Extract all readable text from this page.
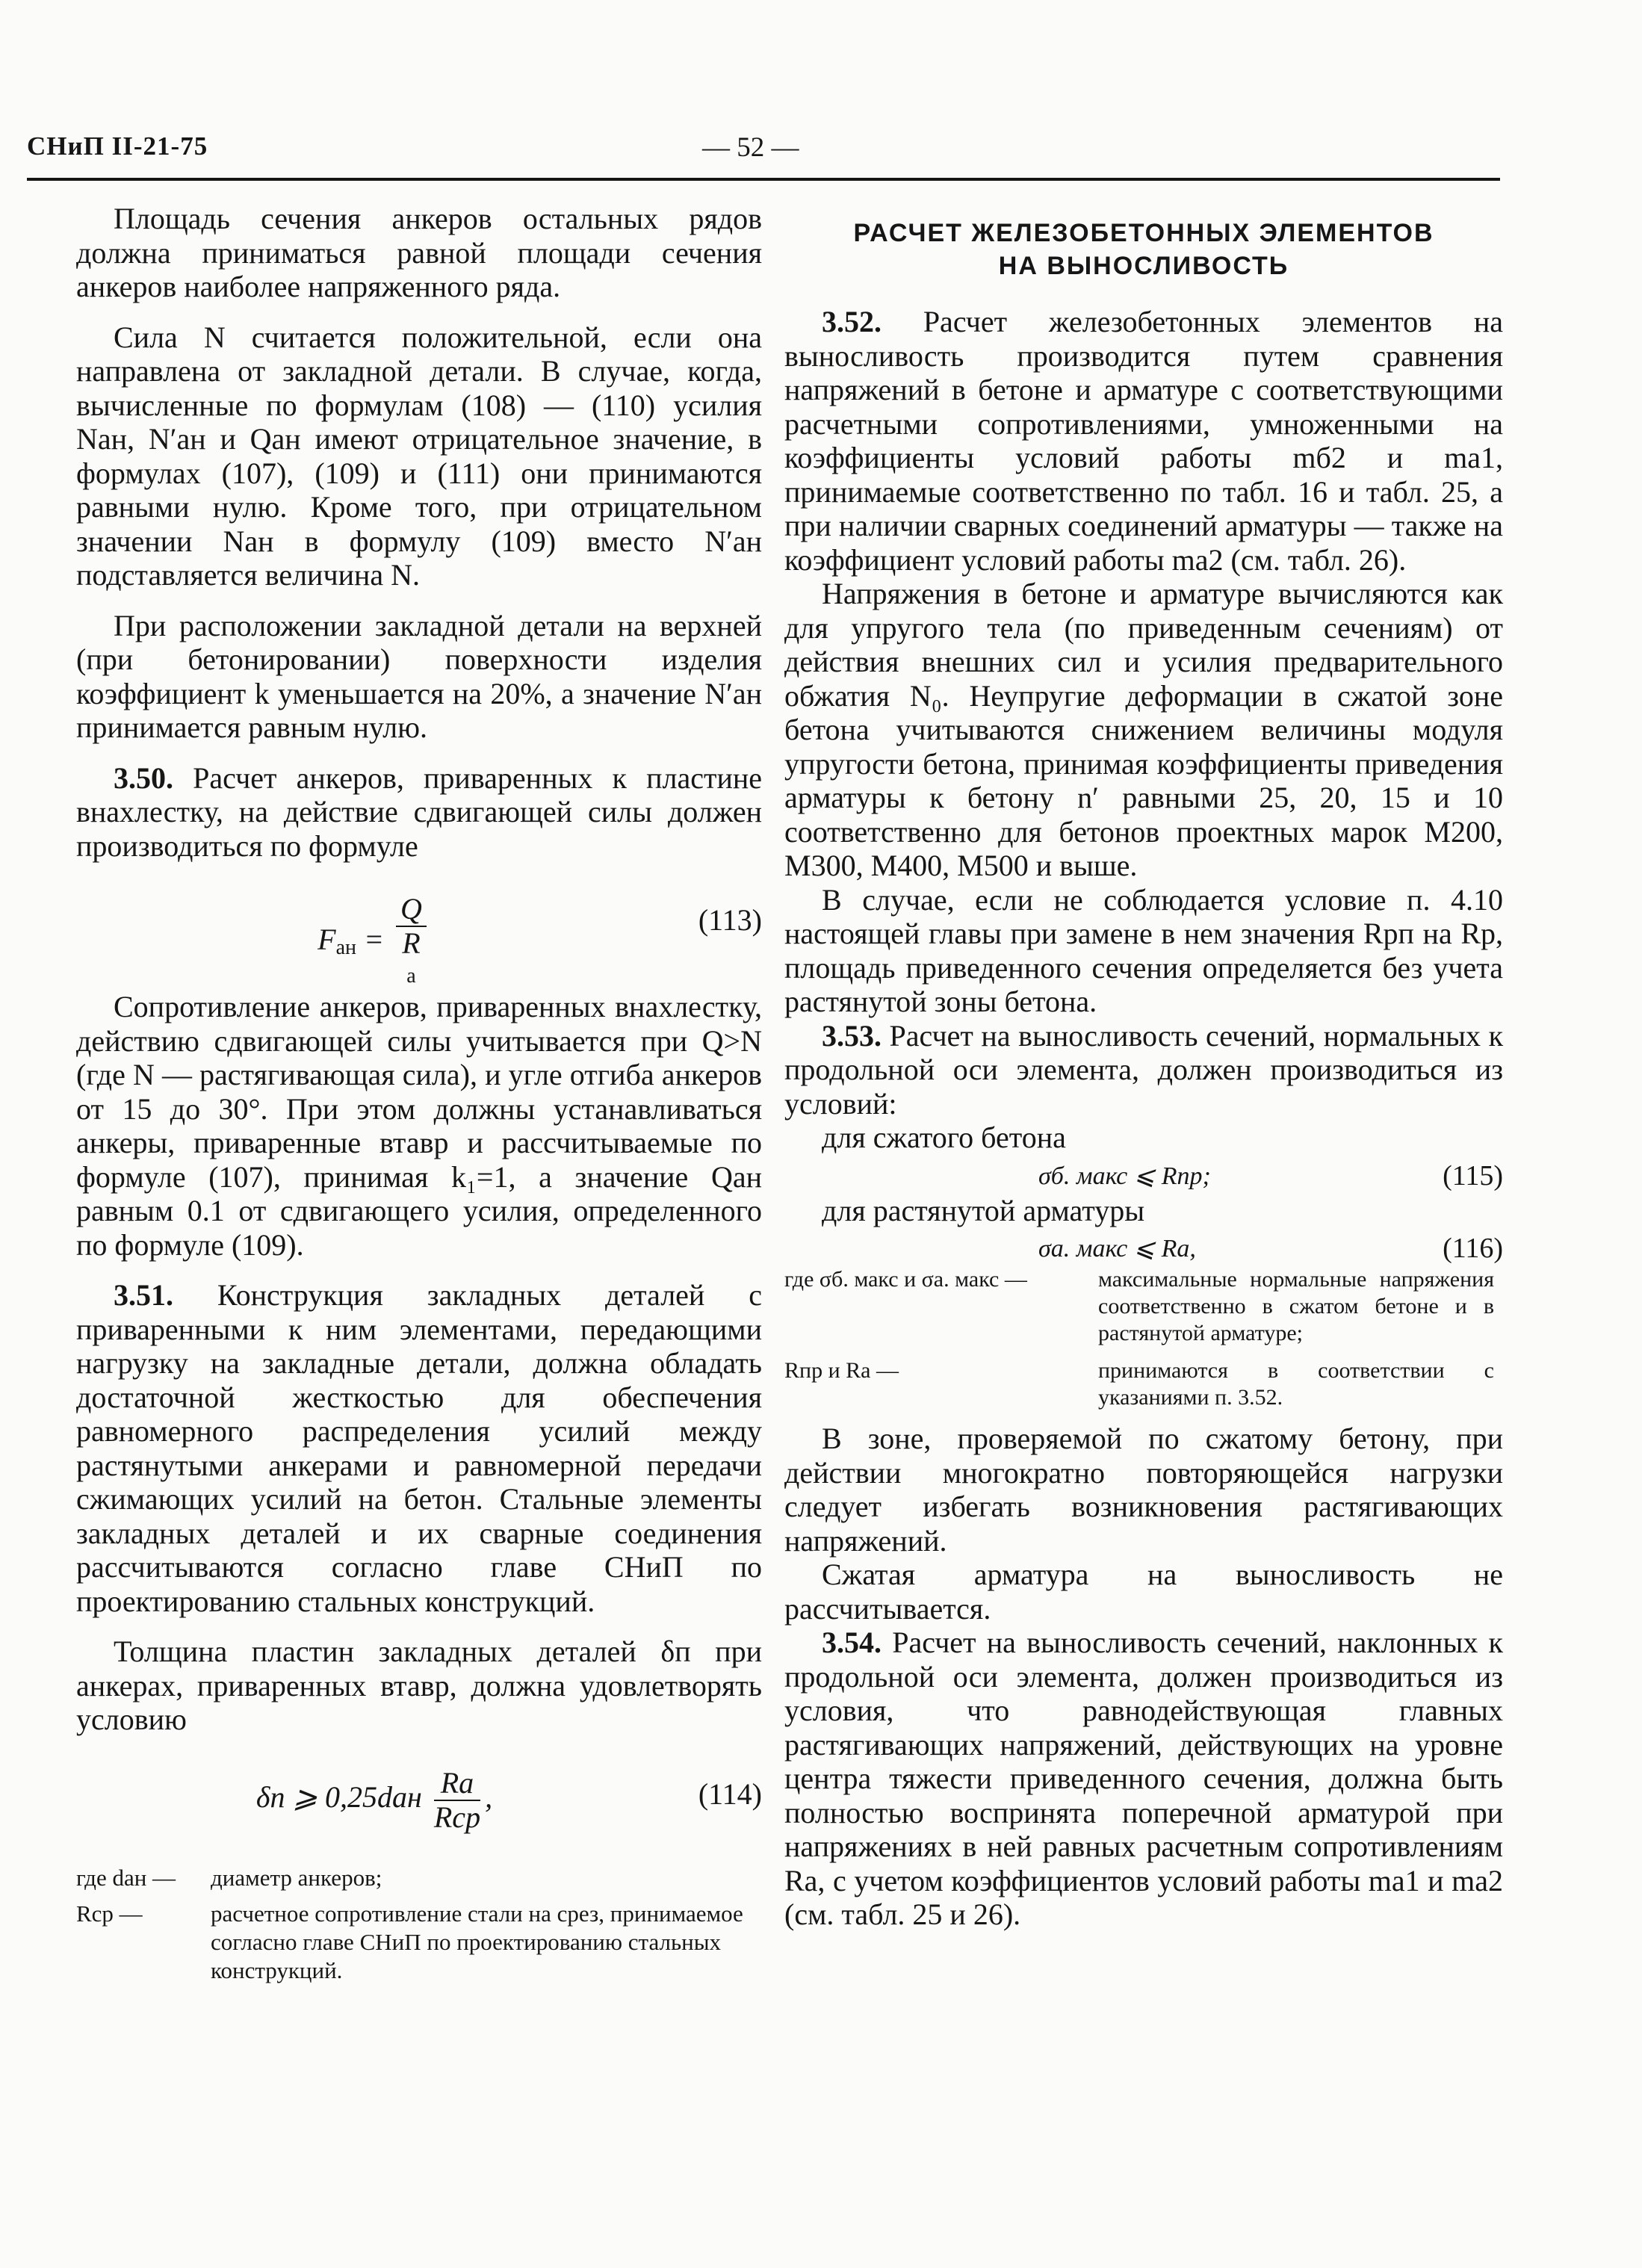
СНиП II-21-75	— 52 —

Площадь сечения анкеров остальных рядов должна приниматься равной площади сечения анкеров наиболее напряженного ряда.

Сила N считается положительной, если она направлена от закладной детали. В случае, когда, вычисленные по формулам (108) — (110) усилия Nан, N′ан и Qан имеют отрицательное значение, в формулах (107), (109) и (111) они принимаются равными нулю. Кроме того, при отрицательном значении Nан в формулу (109) вместо N′ан подставляется величина N.

При расположении закладной детали на верхней (при бетонировании) поверхности изделия коэффициент k уменьшается на 20%, а значение N′ан принимается равным нулю.

3.50. Расчет анкеров, приваренных к пластине внахлестку, на действие сдвигающей силы должен производиться по формуле

Fан = Q
R
а	(113)

Сопротивление анкеров, приваренных внахлестку, действию сдвигающей силы учитывается при Q>N (где N — растягивающая сила), и угле отгиба анкеров от 15 до 30°. При этом должны устанавливаться анкеры, приваренные втавр и рассчитываемые по формуле (107), принимая k₁=1, а значение Qан равным 0.1 от сдвигающего усилия, определенного по формуле (109).

3.51. Конструкция закладных деталей с приваренными к ним элементами, передающими нагрузку на закладные детали, должна обладать достаточной жесткостью для обеспечения равномерного распределения усилий между растянутыми анкерами и равномерной передачи сжимающих усилий на бетон. Стальные элементы закладных деталей и их сварные соединения рассчитываются согласно главе СНиП по проектированию стальных конструкций.

Толщина пластин закладных деталей δп при анкерах, приваренных втавр, должна удовлетворять условию

δп ⩾ $0,25dан \frac{Rа}{\text{Rср}}$ ,	(114)
где dан — диаметр анкеров;
Rср —	расчетное сопротивление стали на срез, принимаемое согласно главе СНиП по проектированию стальных конструкций.
РАСЧЕТ ЖЕЛЕЗОБЕТОННЫХ ЭЛЕМЕНТОВ
НА ВЫНОСЛИВОСТЬ

3.52. Расчет железобетонных элементов на выносливость производится путем сравнения напряжений в бетоне и арматуре с соответствующими расчетными сопротивлениями, умноженными на коэффициенты условий работы mб2 и mа1, принимаемые соответственно по табл. 16 и табл. 25, а при наличии сварных соединений арматуры — также на коэффициент условий работы mа2 (см. табл. 26).

Напряжения в бетоне и арматуре вычисляются как для упругого тела (по приведенным сечениям) от действия внешних сил и усилия предварительного обжатия N₀. Неупругие деформации в сжатой зоне бетона учитываются снижением величины модуля упругости бетона, принимая коэффициенты приведения арматуры к бетону n′ равными 25, 20, 15 и 10 соответственно для бетонов проектных марок М200, М300, М400, М500 и выше.

В случае, если не соблюдается условие п. 4.10 настоящей главы при замене в нем значения Rрп на Rр, площадь приведенного сечения определяется без учета растянутой зоны бетона.

3.53. Расчет на выносливость сечений, нормальных к продольной оси элемента, должен производиться из условий:

для сжатого бетона

σб. макс ⩽ Rпр;	(115)

для растянутой арматуры

σа. макс ⩽ Rа,	(116)
где σб. макс и σа. макс —	максимальные нормальные напряжения соответственно в сжатом бетоне и в растянутой арматуре;
Rпр и Rа —	принимаются в соответствии с указаниями п. 3.52.

В зоне, проверяемой по сжатому бетону, при действии многократно повторяющейся нагрузки следует избегать возникновения растягивающих напряжений.

Сжатая арматура на выносливость не рассчитывается.

3.54. Расчет на выносливость сечений, наклонных к продольной оси элемента, должен производиться из условия, что равнодействующая главных растягивающих напряжений, действующих на уровне центра тяжести приведенного сечения, должна быть полностью воспринята поперечной арматурой при напряжениях в ней равных расчетным сопротивлениям Rа, с учетом коэффициентов условий работы mа1 и mа2 (см. табл. 25 и 26).
